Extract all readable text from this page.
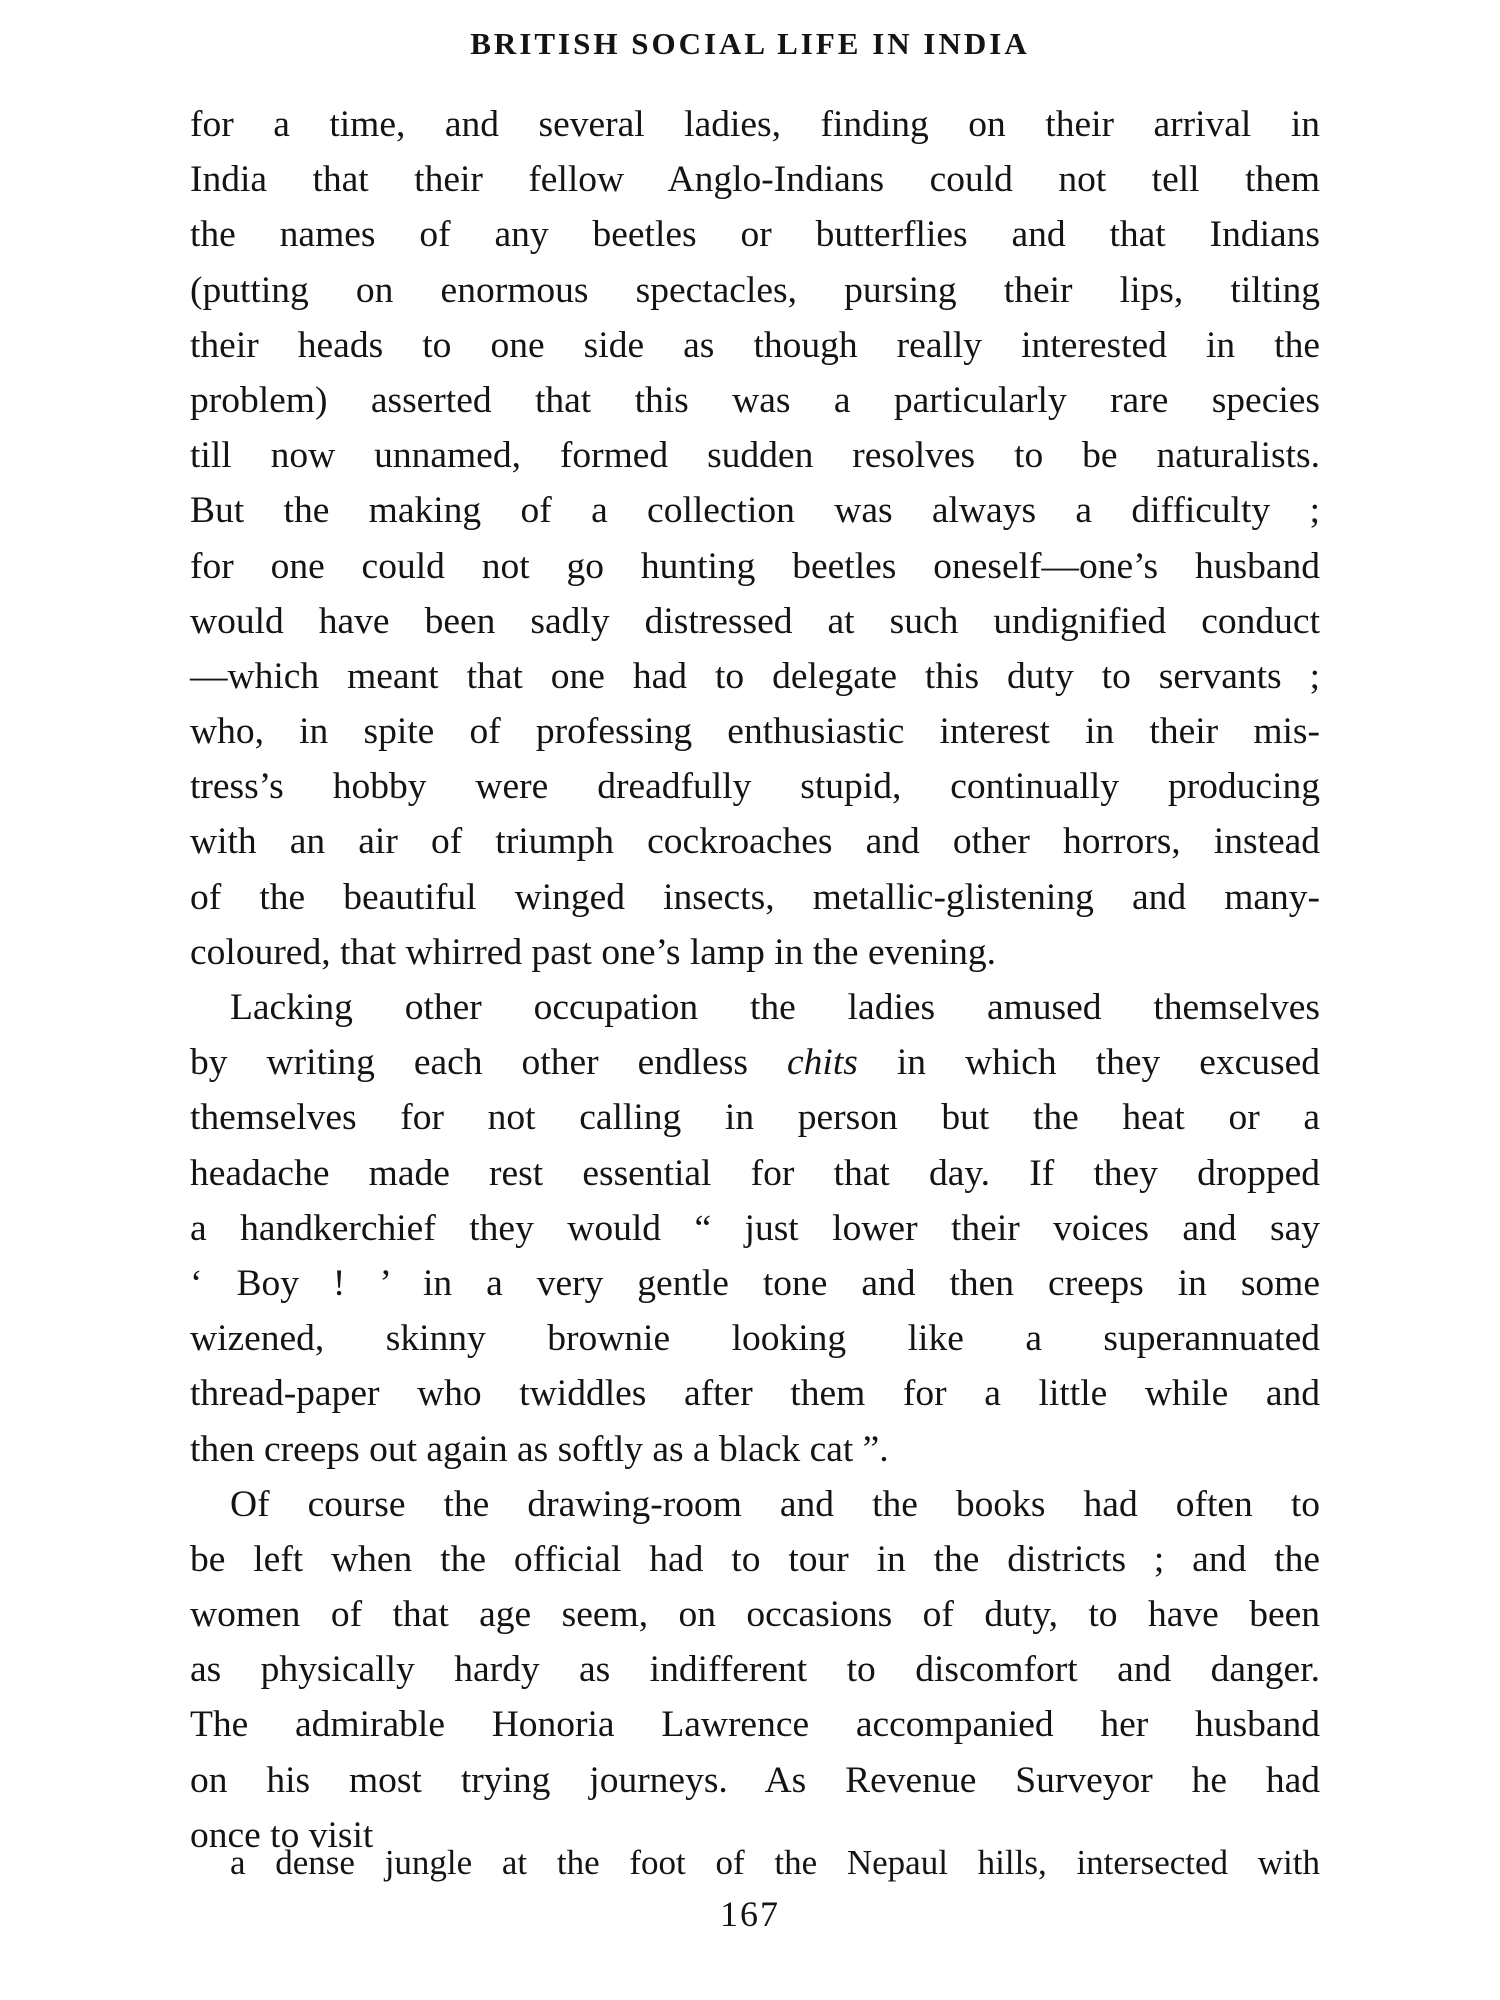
BRITISH SOCIAL LIFE IN INDIA
for a time, and several ladies, finding on their arrival in
India that their fellow Anglo-Indians could not tell them
the names of any beetles or butterflies and that Indians
(putting on enormous spectacles, pursing their lips, tilting
their heads to one side as though really interested in the
problem) asserted that this was a particularly rare species
till now unnamed, formed sudden resolves to be naturalists.
But the making of a collection was always a difficulty ;
for one could not go hunting beetles oneself—one’s husband
would have been sadly distressed at such undignified conduct
—which meant that one had to delegate this duty to servants ;
who, in spite of professing enthusiastic interest in their mis-
tress’s hobby were dreadfully stupid, continually producing
with an air of triumph cockroaches and other horrors, instead
of the beautiful winged insects, metallic-glistening and many-
coloured, that whirred past one’s lamp in the evening.
Lacking other occupation the ladies amused themselves
by writing each other endless chits in which they excused
themselves for not calling in person but the heat or a
headache made rest essential for that day. If they dropped
a handkerchief they would “ just lower their voices and say
‘ Boy ! ’ in a very gentle tone and then creeps in some
wizened, skinny brownie looking like a superannuated
thread-paper who twiddles after them for a little while and
then creeps out again as softly as a black cat ”.
Of course the drawing-room and the books had often to
be left when the official had to tour in the districts ; and the
women of that age seem, on occasions of duty, to have been
as physically hardy as indifferent to discomfort and danger.
The admirable Honoria Lawrence accompanied her husband
on his most trying journeys. As Revenue Surveyor he had
once to visit
a dense jungle at the foot of the Nepaul hills, intersected with
167
